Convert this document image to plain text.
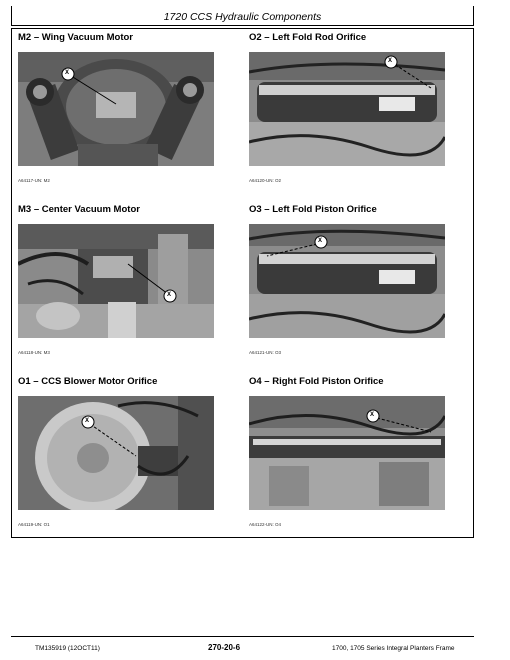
1720 CCS Hydraulic Components
M2 – Wing Vacuum Motor
X
A64117-UN: M2
O2 – Left Fold Rod Orifice
X
A64120-UN: O2
M3 – Center Vacuum Motor
X
A64118-UN: M3
O3 – Left Fold Piston Orifice
X
A64121-UN: O3
O1 – CCS Blower Motor Orifice
X
A64119-UN: O1
O4 – Right Fold Piston Orifice
X
A64122-UN: O4
TM135919 (12OCT11)	270-20-6	1700, 1705 Series Integral Planters Frame
